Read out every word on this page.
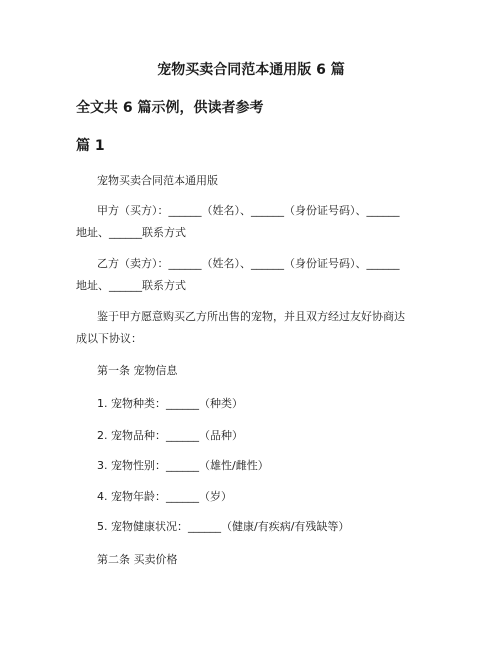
宠物买卖合同范本通用版 6 篇
全文共 6 篇示例，供读者参考
篇 1
宠物买卖合同范本通用版
甲方（买方）：______（姓名）、______（身份证号码）、______
地址、______联系方式
乙方（卖方）：______（姓名）、______（身份证号码）、______
地址、______联系方式
鉴于甲方愿意购买乙方所出售的宠物，并且双方经过友好协商达
成以下协议：
第一条 宠物信息
1. 宠物种类：______（种类）
2. 宠物品种：______（品种）
3. 宠物性别：______（雄性/雌性）
4. 宠物年龄：______（岁）
5. 宠物健康状况：______（健康/有疾病/有残缺等）
第二条 买卖价格
